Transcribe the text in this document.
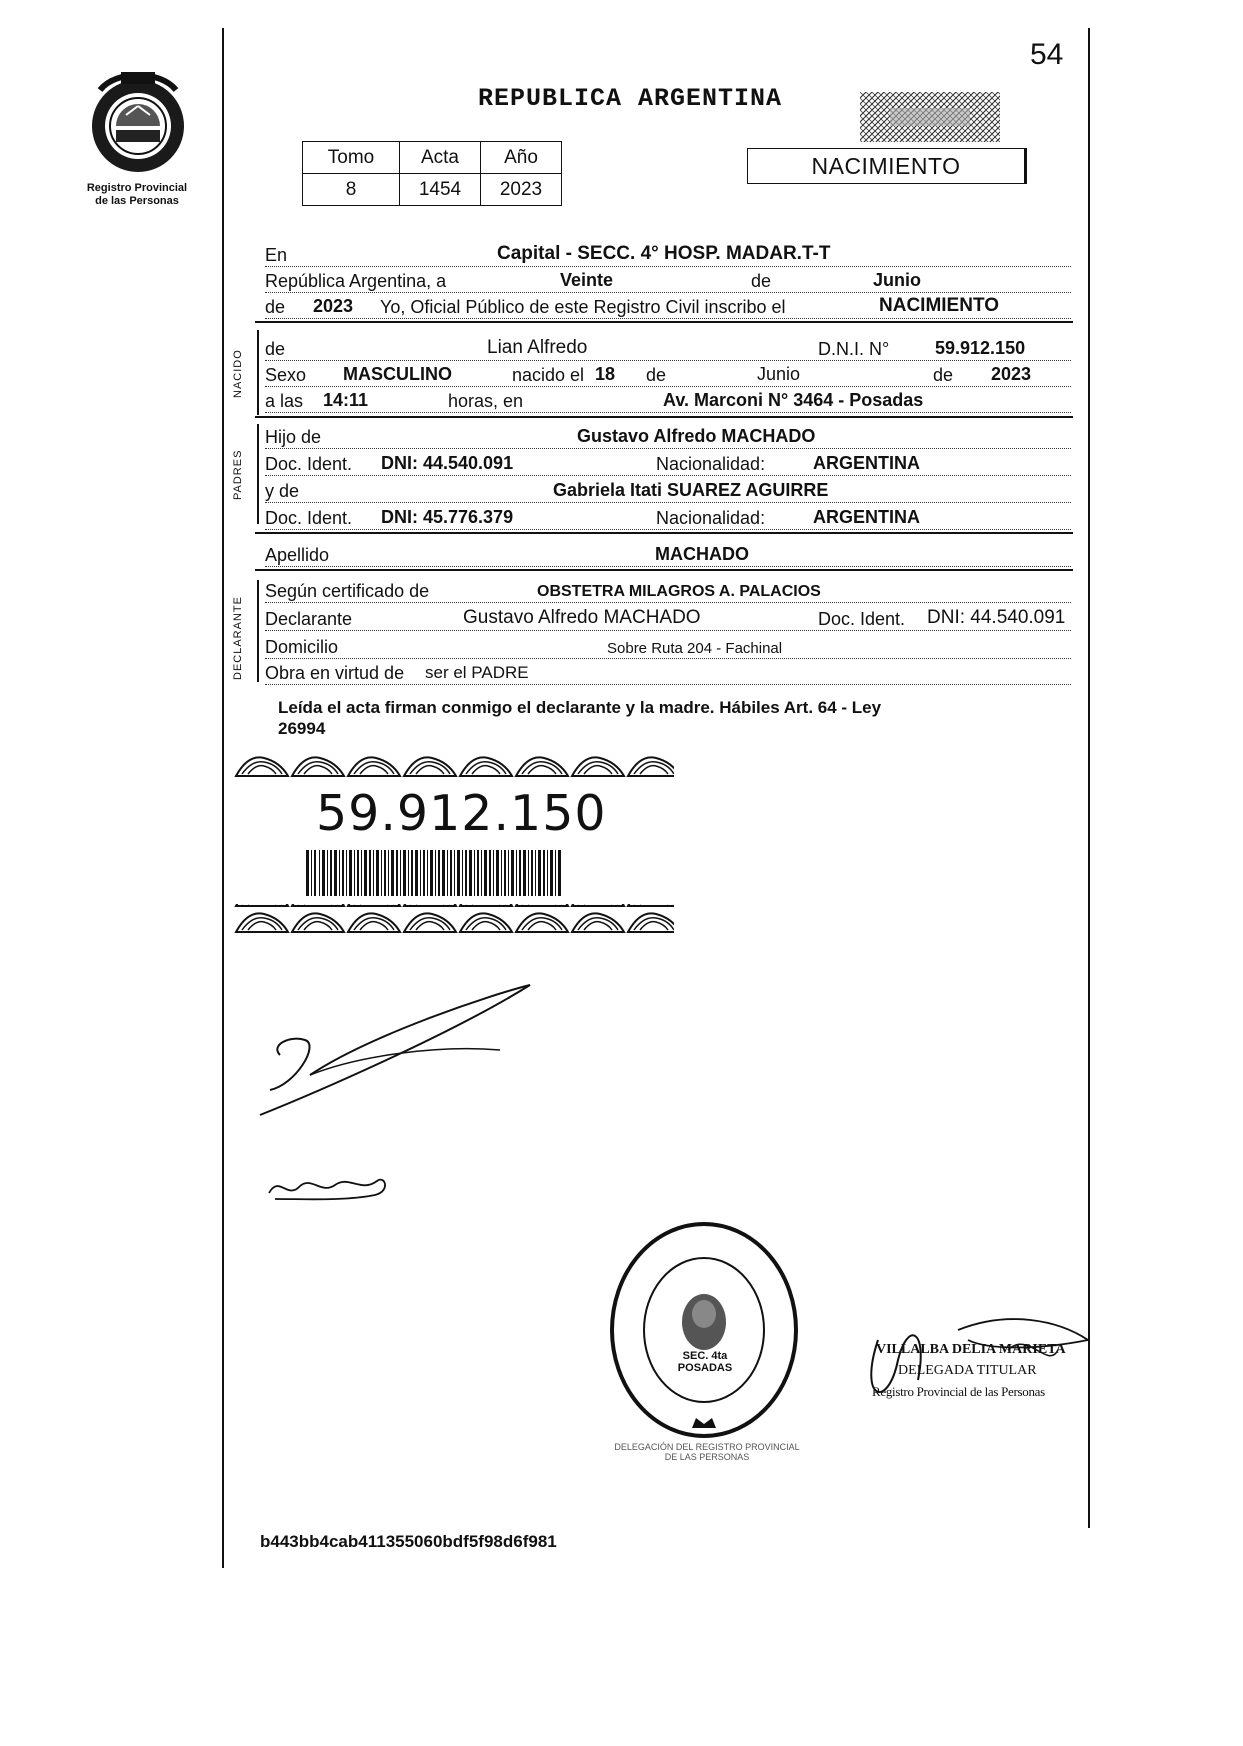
54
Registro Provincial
de las Personas
REPUBLICA ARGENTINA
Tomo	Acta	Año
8	1454	2023
NACIMIENTO
En	Capital - SECC. 4° HOSP. MADAR.T-T
República Argentina, a	Veinte	de	Junio
de 2023 Yo, Oficial Público de este Registro Civil inscribo el	NACIMIENTO
NACIDO
de	Lian Alfredo	D.N.I. N°	59.912.150
Sexo MASCULINO	nacido el 18 de	Junio	de 2023
a las 14:11	horas, en	Av. Marconi N° 3464 - Posadas
PADRES
Hijo de	Gustavo Alfredo MACHADO
Doc. Ident. DNI: 44.540.091	Nacionalidad:	ARGENTINA
y de	Gabriela Itati SUAREZ AGUIRRE
Doc. Ident. DNI: 45.776.379	Nacionalidad:	ARGENTINA
Apellido	MACHADO
DECLARANTE
Según certificado de	OBSTETRA MILAGROS A. PALACIOS
Declarante	Gustavo Alfredo MACHADO	Doc. Ident. DNI: 44.540.091
Domicilio	Sobre Ruta 204 - Fachinal
Obra en virtud de ser el PADRE
Leída el acta firman conmigo el declarante y la madre. Hábiles Art. 64 - Ley
26994
59.912.150
DELEGACIÓN DEL REGISTRO PROVINCIAL DE LAS PERSONAS
SEC. 4ta POSADAS
VILLALBA DELIA MARIETA
DELEGADA TITULAR
Registro Provincial de las Personas
b443bb4cab411355060bdf5f98d6f981
